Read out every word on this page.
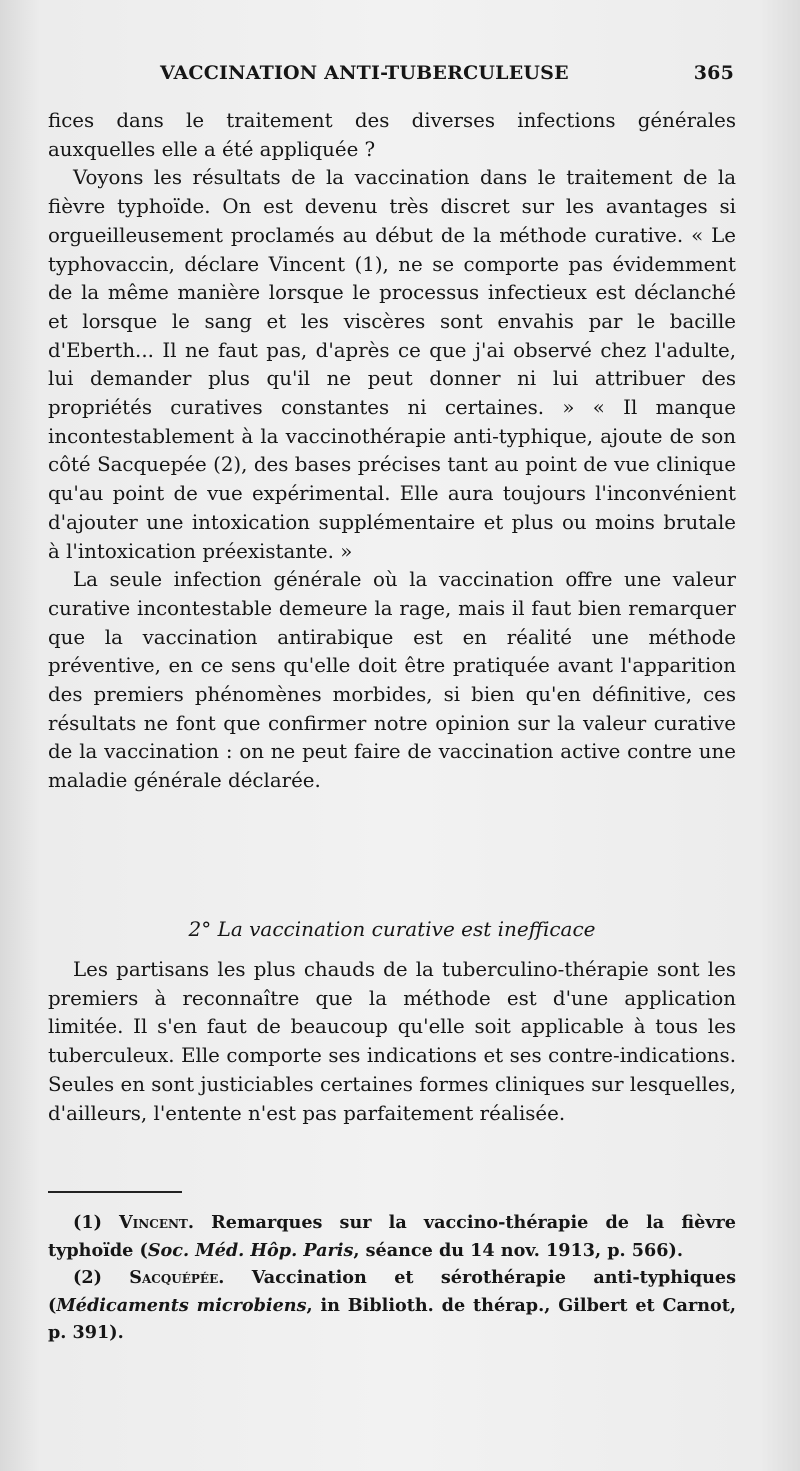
VACCINATION ANTI-TUBERCULEUSE	365

fices dans le traitement des diverses infections générales auxquelles elle a été appliquée ?

Voyons les résultats de la vaccination dans le traitement de la fièvre typhoïde. On est devenu très discret sur les avantages si orgueilleusement proclamés au début de la méthode curative. « Le typhovaccin, déclare Vincent (1), ne se comporte pas évidemment de la même manière lorsque le processus infectieux est déclanché et lorsque le sang et les viscères sont envahis par le bacille d'Eberth... Il ne faut pas, d'après ce que j'ai observé chez l'adulte, lui demander plus qu'il ne peut donner ni lui attribuer des propriétés curatives constantes ni certaines. » « Il manque incontestablement à la vaccinothérapie anti-typhique, ajoute de son côté Sacquepée (2), des bases précises tant au point de vue clinique qu'au point de vue expérimental. Elle aura toujours l'inconvénient d'ajouter une intoxication supplémentaire et plus ou moins brutale à l'intoxication préexistante. »

La seule infection générale où la vaccination offre une valeur curative incontestable demeure la rage, mais il faut bien remarquer que la vaccination antirabique est en réalité une méthode préventive, en ce sens qu'elle doit être pratiquée avant l'apparition des premiers phénomènes morbides, si bien qu'en définitive, ces résultats ne font que confirmer notre opinion sur la valeur curative de la vaccination : on ne peut faire de vaccination active contre une maladie générale déclarée.

2° La vaccination curative est inefficace

Les partisans les plus chauds de la tuberculino-thérapie sont les premiers à reconnaître que la méthode est d'une application limitée. Il s'en faut de beaucoup qu'elle soit applicable à tous les tuberculeux. Elle comporte ses indications et ses contre-indications. Seules en sont justiciables certaines formes cliniques sur lesquelles, d'ailleurs, l'entente n'est pas parfaitement réalisée.

(1) Vincent. Remarques sur la vaccino-thérapie de la fièvre typhoïde (Soc. Méd. Hôp. Paris, séance du 14 nov. 1913, p. 566).

(2) Sacquépée. Vaccination et sérothérapie anti-typhiques (Médicaments microbiens, in Biblioth. de thérap., Gilbert et Carnot, p. 391).
